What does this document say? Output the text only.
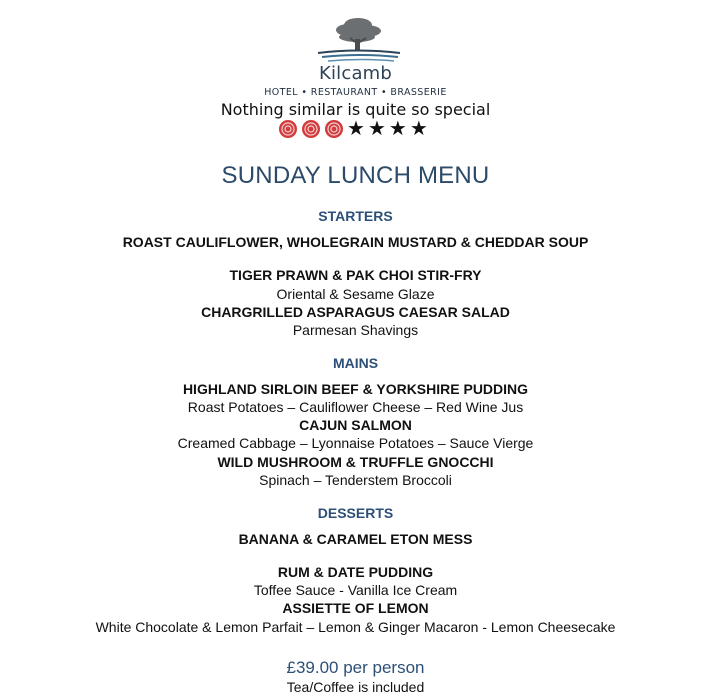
Kilcamb
HOTEL • RESTAURANT • BRASSERIE
Nothing similar is quite so special
★ ★ ★ ★
SUNDAY LUNCH MENU
STARTERS
ROAST CAULIFLOWER, WHOLEGRAIN MUSTARD & CHEDDAR SOUP
TIGER PRAWN & PAK CHOI STIR-FRY
Oriental & Sesame Glaze
CHARGRILLED ASPARAGUS CAESAR SALAD
Parmesan Shavings
MAINS
HIGHLAND SIRLOIN BEEF & YORKSHIRE PUDDING
Roast Potatoes – Cauliflower Cheese – Red Wine Jus
CAJUN SALMON
Creamed Cabbage – Lyonnaise Potatoes – Sauce Vierge
WILD MUSHROOM & TRUFFLE GNOCCHI
Spinach – Tenderstem Broccoli
DESSERTS
BANANA & CARAMEL ETON MESS
RUM & DATE PUDDING
Toffee Sauce - Vanilla Ice Cream
ASSIETTE OF LEMON
White Chocolate & Lemon Parfait – Lemon & Ginger Macaron - Lemon Cheesecake
£39.00 per person
Tea/Coffee is included
